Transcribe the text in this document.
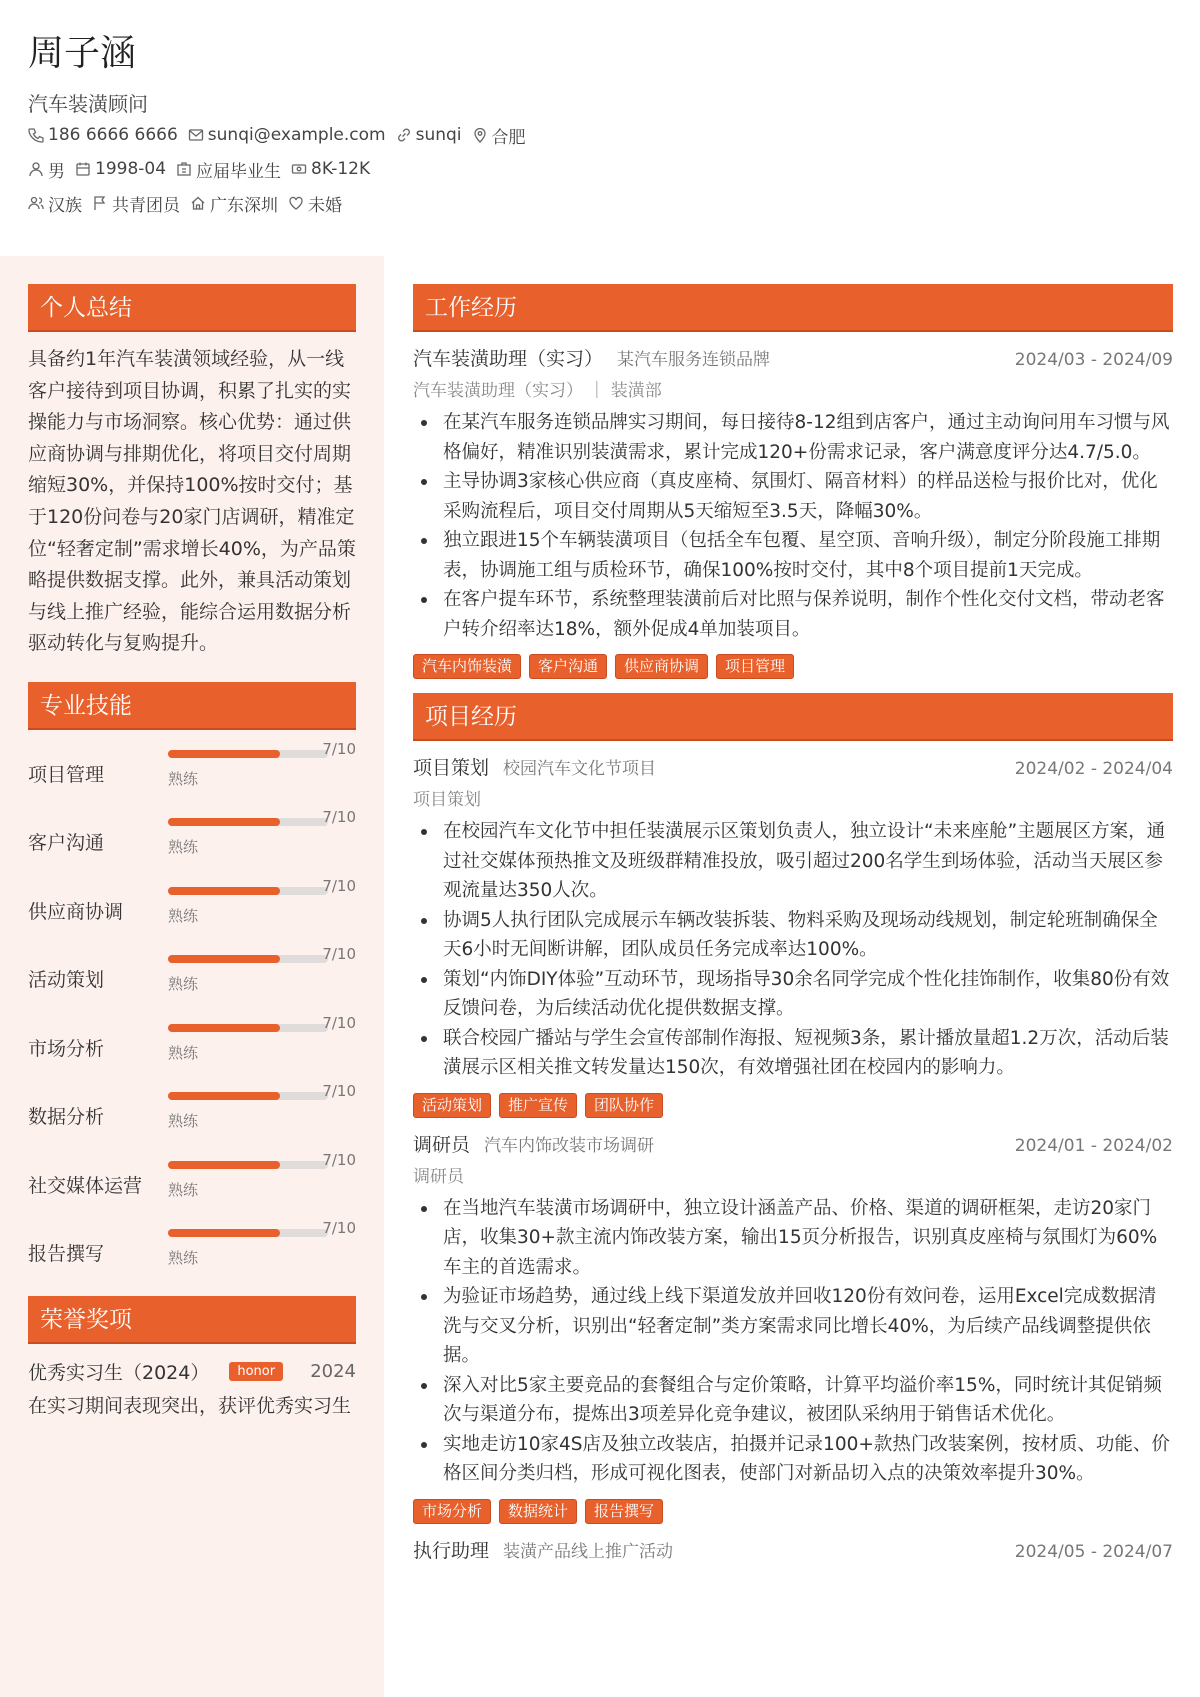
周子涵
汽车装潢顾问
186 6666 6666 sunqi@example.com sunqi 合肥
男 1998-04 应届毕业生 8K-12K
汉族 共青团员 广东深圳 未婚
个人总结
具备约1年汽车装潢领域经验，从一线客户接待到项目协调，积累了扎实的实操能力与市场洞察。核心优势：通过供应商协调与排期优化，将项目交付周期缩短30%，并保持100%按时交付；基于120份问卷与20家门店调研，精准定位“轻奢定制”需求增长40%，为产品策略提供数据支撑。此外，兼具活动策划与线上推广经验，能综合运用数据分析驱动转化与复购提升。
专业技能
项目管理
7/10
熟练
客户沟通
7/10
熟练
供应商协调
7/10
熟练
活动策划
7/10
熟练
市场分析
7/10
熟练
数据分析
7/10
熟练
社交媒体运营
7/10
熟练
报告撰写
7/10
熟练
荣誉奖项
优秀实习生（2024）	honor	2024
在实习期间表现突出，获评优秀实习生
工作经历
汽车装潢助理（实习） 某汽车服务连锁品牌	2024/03 - 2024/09
汽车装潢助理（实习） ｜ 装潢部
在某汽车服务连锁品牌实习期间，每日接待8-12组到店客户，通过主动询问用车习惯与风格偏好，精准识别装潢需求，累计完成120+份需求记录，客户满意度评分达4.7/5.0。
主导协调3家核心供应商（真皮座椅、氛围灯、隔音材料）的样品送检与报价比对，优化采购流程后，项目交付周期从5天缩短至3.5天，降幅30%。
独立跟进15个车辆装潢项目（包括全车包覆、星空顶、音响升级），制定分阶段施工排期表，协调施工组与质检环节，确保100%按时交付，其中8个项目提前1天完成。
在客户提车环节，系统整理装潢前后对比照与保养说明，制作个性化交付文档，带动老客户转介绍率达18%，额外促成4单加装项目。
汽车内饰装潢	客户沟通	供应商协调	项目管理
项目经历
项目策划 校园汽车文化节项目	2024/02 - 2024/04
项目策划
在校园汽车文化节中担任装潢展示区策划负责人，独立设计“未来座舱”主题展区方案，通过社交媒体预热推文及班级群精准投放，吸引超过200名学生到场体验，活动当天展区参观流量达350人次。
协调5人执行团队完成展示车辆改装拆装、物料采购及现场动线规划，制定轮班制确保全天6小时无间断讲解，团队成员任务完成率达100%。
策划“内饰DIY体验”互动环节，现场指导30余名同学完成个性化挂饰制作，收集80份有效反馈问卷，为后续活动优化提供数据支撑。
联合校园广播站与学生会宣传部制作海报、短视频3条，累计播放量超1.2万次，活动后装潢展示区相关推文转发量达150次，有效增强社团在校园内的影响力。
活动策划	推广宣传	团队协作
调研员 汽车内饰改装市场调研	2024/01 - 2024/02
调研员
在当地汽车装潢市场调研中，独立设计涵盖产品、价格、渠道的调研框架，走访20家门店，收集30+款主流内饰改装方案，输出15页分析报告，识别真皮座椅与氛围灯为60%车主的首选需求。
为验证市场趋势，通过线上线下渠道发放并回收120份有效问卷，运用Excel完成数据清洗与交叉分析，识别出“轻奢定制”类方案需求同比增长40%，为后续产品线调整提供依据。
深入对比5家主要竞品的套餐组合与定价策略，计算平均溢价率15%，同时统计其促销频次与渠道分布，提炼出3项差异化竞争建议，被团队采纳用于销售话术优化。
实地走访10家4S店及独立改装店，拍摄并记录100+款热门改装案例，按材质、功能、价格区间分类归档，形成可视化图表，使部门对新品切入点的决策效率提升30%。
市场分析	数据统计	报告撰写
执行助理 装潢产品线上推广活动	2024/05 - 2024/07
